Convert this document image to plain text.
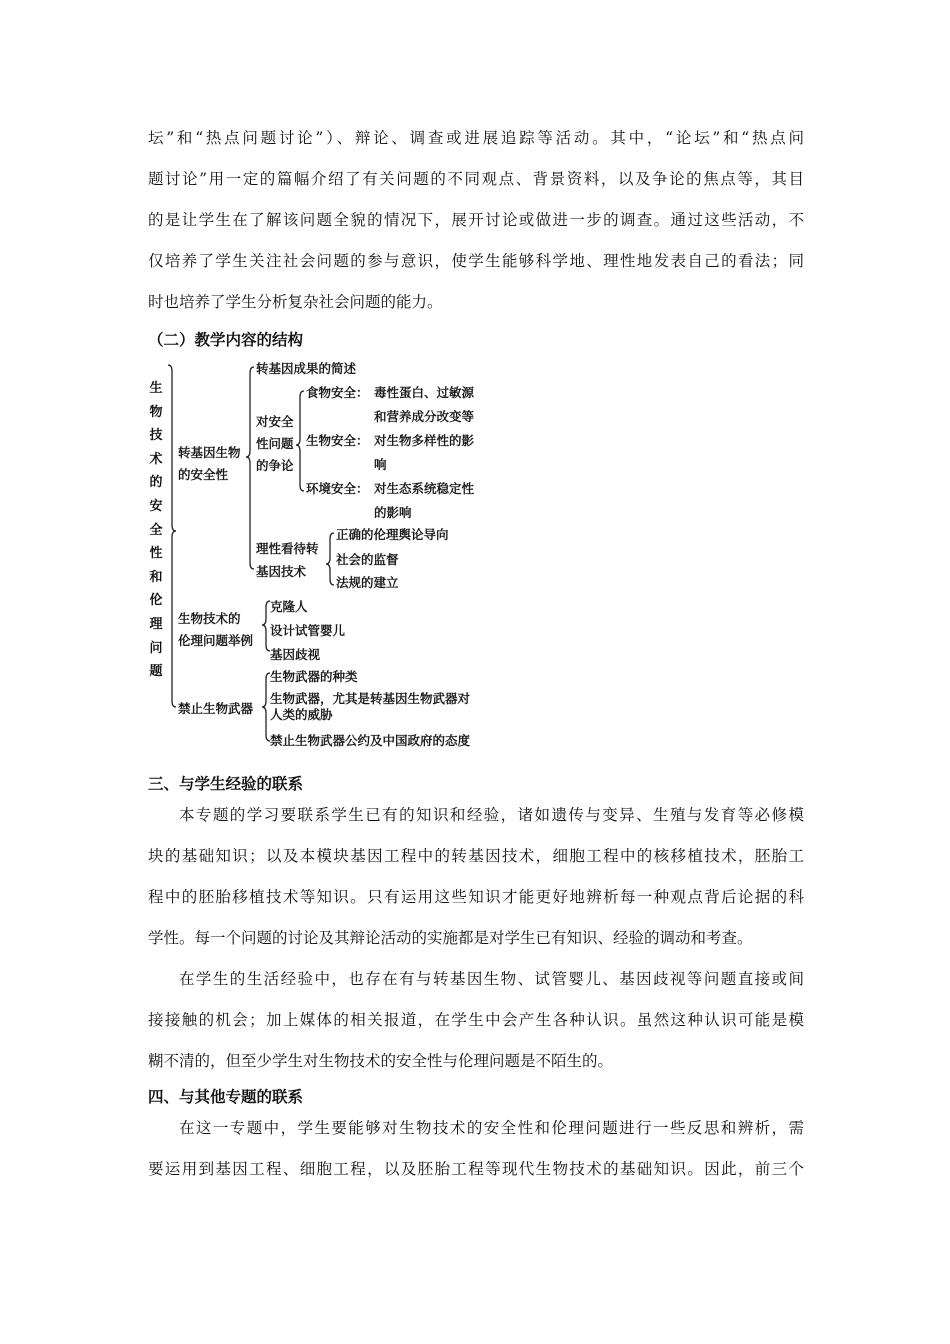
坛”和“热点问题讨论”）、辩论、调查或进展追踪等活动。其中，“论坛”和“热点问
题讨论”用一定的篇幅介绍了有关问题的不同观点、背景资料，以及争论的焦点等，其目
的是让学生在了解该问题全貌的情况下，展开讨论或做进一步的调查。通过这些活动，不
仅培养了学生关注社会问题的参与意识，使学生能够科学地、理性地发表自己的看法；同
时也培养了学生分析复杂社会问题的能力。
（二）教学内容的结构
生物技术的安全性和伦理问题
转基因生物
的安全性
转基因成果的简述
对安全
性问题
的争论
食物安全： 毒性蛋白、过敏源
和营养成分改变等
生物安全： 对生物多样性的影
响
环境安全： 对生态系统稳定性
的影响
理性看待转
基因技术
正确的伦理舆论导向
社会的监督
法规的建立
生物技术的
伦理问题举例
克隆人
设计试管婴儿
基因歧视
禁止生物武器
生物武器的种类
生物武器，尤其是转基因生物武器对
人类的威胁
禁止生物武器公约及中国政府的态度
三、与学生经验的联系
本专题的学习要联系学生已有的知识和经验，诸如遗传与变异、生殖与发育等必修模
块的基础知识；以及本模块基因工程中的转基因技术，细胞工程中的核移植技术，胚胎工
程中的胚胎移植技术等知识。只有运用这些知识才能更好地辨析每一种观点背后论据的科
学性。每一个问题的讨论及其辩论活动的实施都是对学生已有知识、经验的调动和考查。
在学生的生活经验中，也存在有与转基因生物、试管婴儿、基因歧视等问题直接或间
接接触的机会；加上媒体的相关报道，在学生中会产生各种认识。虽然这种认识可能是模
糊不清的，但至少学生对生物技术的安全性与伦理问题是不陌生的。
四、与其他专题的联系
在这一专题中，学生要能够对生物技术的安全性和伦理问题进行一些反思和辨析，需
要运用到基因工程、细胞工程，以及胚胎工程等现代生物技术的基础知识。因此，前三个
